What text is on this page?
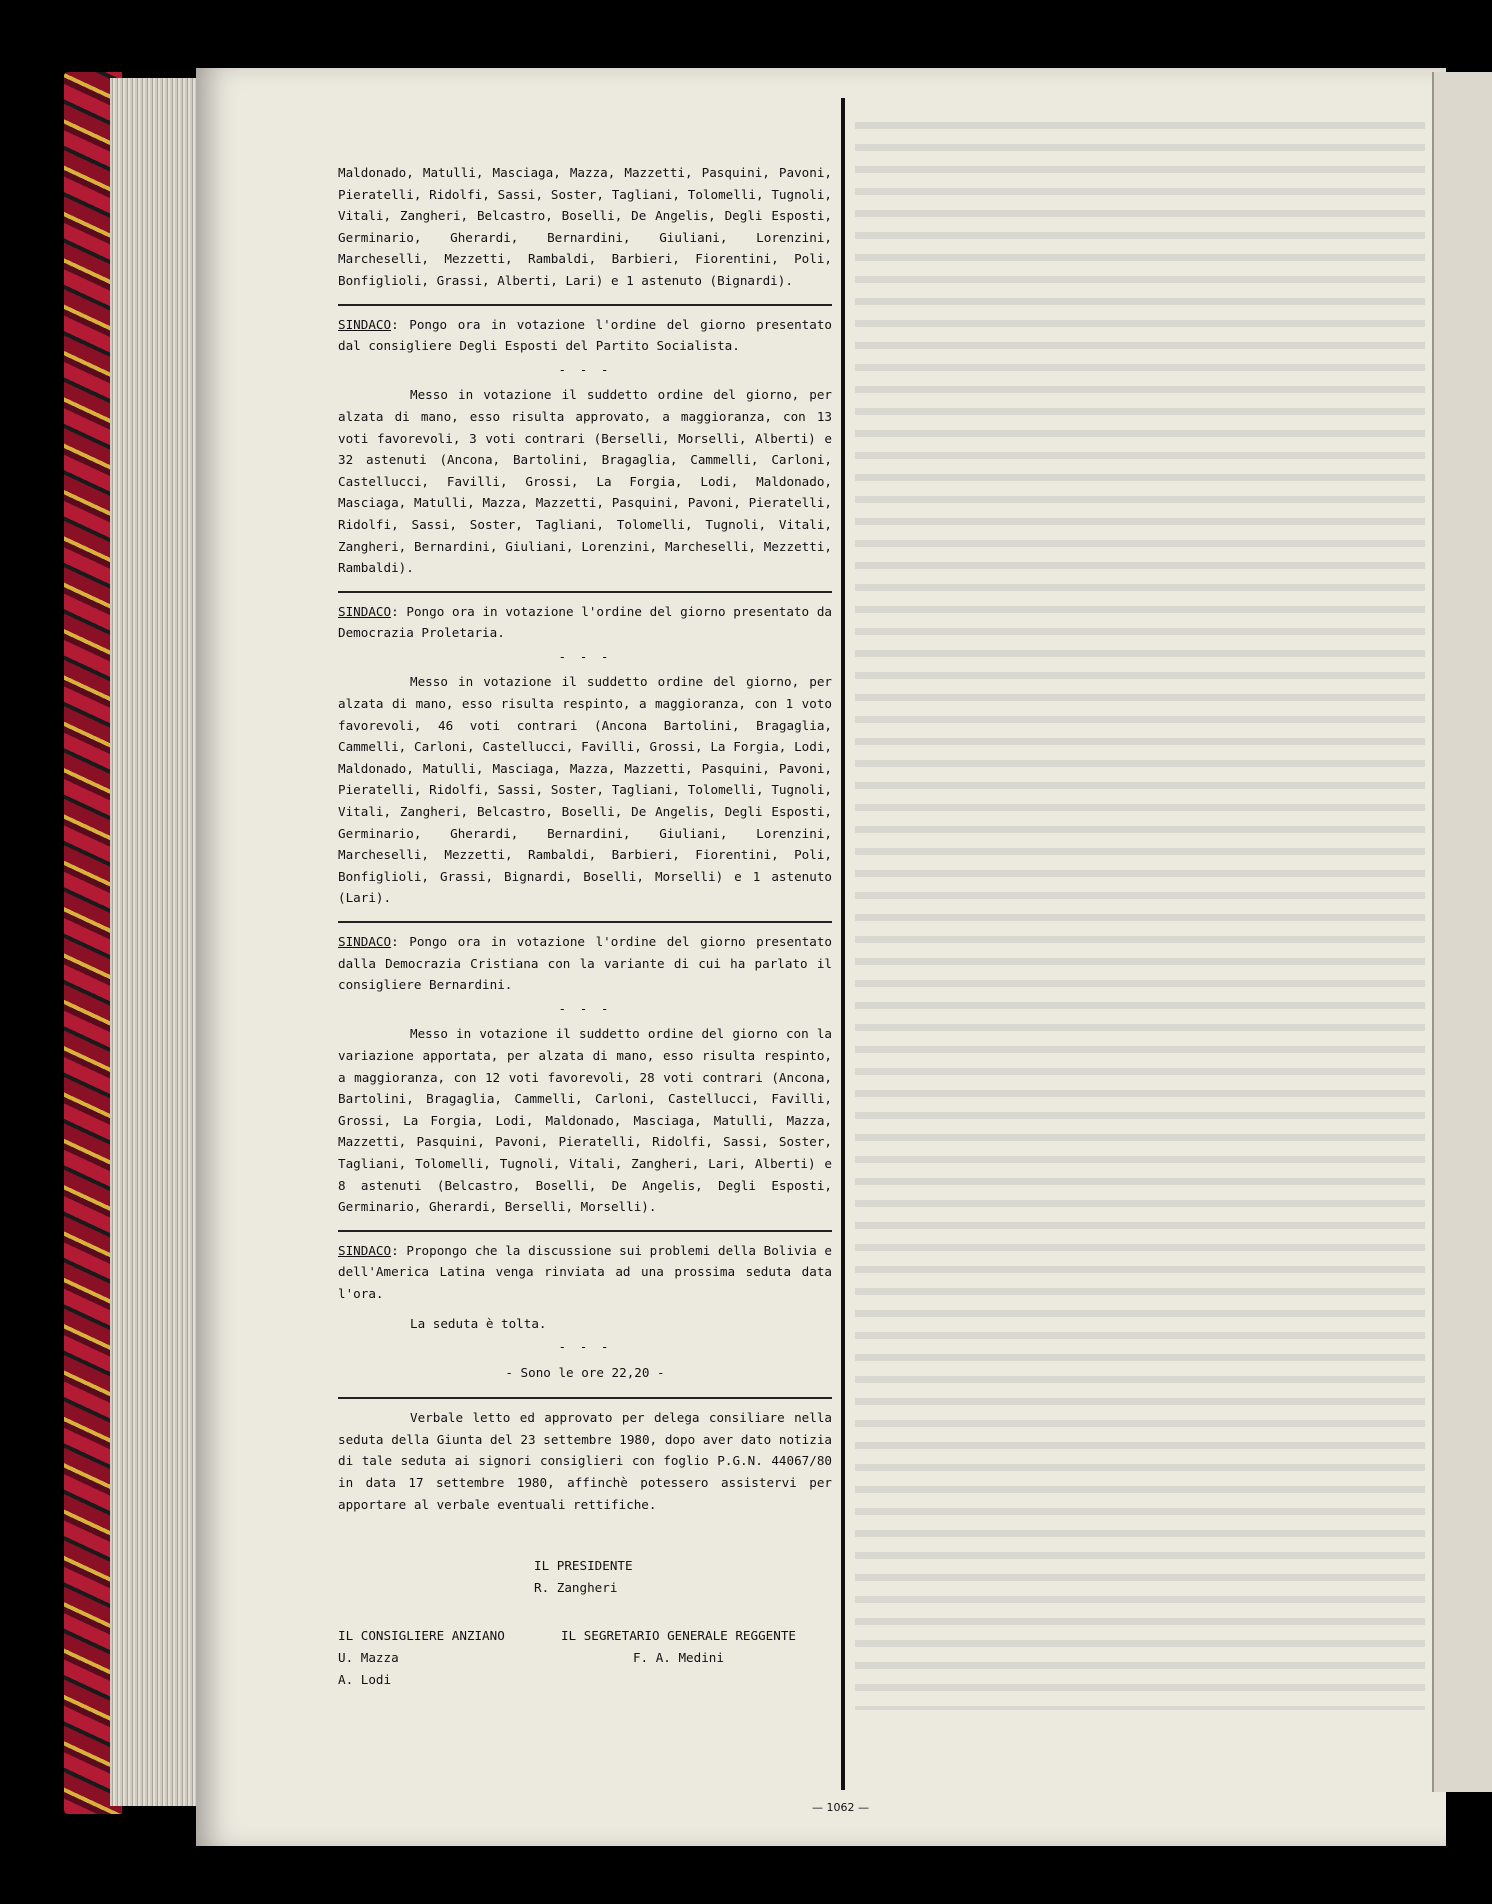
Maldonado, Matulli, Masciaga, Mazza, Mazzetti, Pasquini, Pavoni, Pieratelli, Ridolfi, Sassi, Soster, Tagliani, Tolomelli, Tugnoli, Vitali, Zangheri, Belcastro, Boselli, De Angelis, Degli Esposti, Germinario, Gherardi, Bernardini, Giuliani, Lorenzini, Marcheselli, Mezzetti, Rambaldi, Barbieri, Fiorentini, Poli, Bonfiglioli, Grassi, Alberti, Lari) e 1 astenuto (Bignardi).

SINDACO: Pongo ora in votazione l'ordine del giorno presentato dal consigliere Degli Esposti del Partito Socialista.

- - -

Messo in votazione il suddetto ordine del giorno, per alzata di mano, esso risulta approvato, a maggioranza, con 13 voti favorevoli, 3 voti contrari (Berselli, Morselli, Alberti) e 32 astenuti (Ancona, Bartolini, Bragaglia, Cammelli, Carloni, Castellucci, Favilli, Grossi, La Forgia, Lodi, Maldonado, Masciaga, Matulli, Mazza, Mazzetti, Pasquini, Pavoni, Pieratelli, Ridolfi, Sassi, Soster, Tagliani, Tolomelli, Tugnoli, Vitali, Zangheri, Bernardini, Giuliani, Lorenzini, Marcheselli, Mezzetti, Rambaldi).

SINDACO: Pongo ora in votazione l'ordine del giorno presentato da Democrazia Proletaria.

- - -

Messo in votazione il suddetto ordine del giorno, per alzata di mano, esso risulta respinto, a maggioranza, con 1 voto favorevoli, 46 voti contrari (Ancona Bartolini, Bragaglia, Cammelli, Carloni, Castellucci, Favilli, Grossi, La Forgia, Lodi, Maldonado, Matulli, Masciaga, Mazza, Mazzetti, Pasquini, Pavoni, Pieratelli, Ridolfi, Sassi, Soster, Tagliani, Tolomelli, Tugnoli, Vitali, Zangheri, Belcastro, Boselli, De Angelis, Degli Esposti, Germinario, Gherardi, Bernardini, Giuliani, Lorenzini, Marcheselli, Mezzetti, Rambaldi, Barbieri, Fiorentini, Poli, Bonfiglioli, Grassi, Bignardi, Boselli, Morselli) e 1 astenuto (Lari).

SINDACO: Pongo ora in votazione l'ordine del giorno presentato dalla Democrazia Cristiana con la variante di cui ha parlato il consigliere Bernardini.

- - -

Messo in votazione il suddetto ordine del giorno con la variazione apportata, per alzata di mano, esso risulta respinto, a maggioranza, con 12 voti favorevoli, 28 voti contrari (Ancona, Bartolini, Bragaglia, Cammelli, Carloni, Castellucci, Favilli, Grossi, La Forgia, Lodi, Maldonado, Masciaga, Matulli, Mazza, Mazzetti, Pasquini, Pavoni, Pieratelli, Ridolfi, Sassi, Soster, Tagliani, Tolomelli, Tugnoli, Vitali, Zangheri, Lari, Alberti) e 8 astenuti (Belcastro, Boselli, De Angelis, Degli Esposti, Germinario, Gherardi, Berselli, Morselli).

SINDACO: Propongo che la discussione sui problemi della Bolivia e dell'America Latina venga rinviata ad una prossima seduta data l'ora.

La seduta è tolta.

- - -

- Sono le ore 22,20 -

Verbale letto ed approvato per delega consiliare nella seduta della Giunta del 23 settembre 1980, dopo aver dato notizia di tale seduta ai signori consiglieri con foglio P.G.N. 44067/80 in data 17 settembre 1980, affinchè potessero assistervi per apportare al verbale eventuali rettifiche.

IL PRESIDENTE
R. Zangheri
IL CONSIGLIERE ANZIANO
U. Mazza
A. Lodi
IL SEGRETARIO GENERALE REGGENTE
F. A. Medini
— 1062 —
